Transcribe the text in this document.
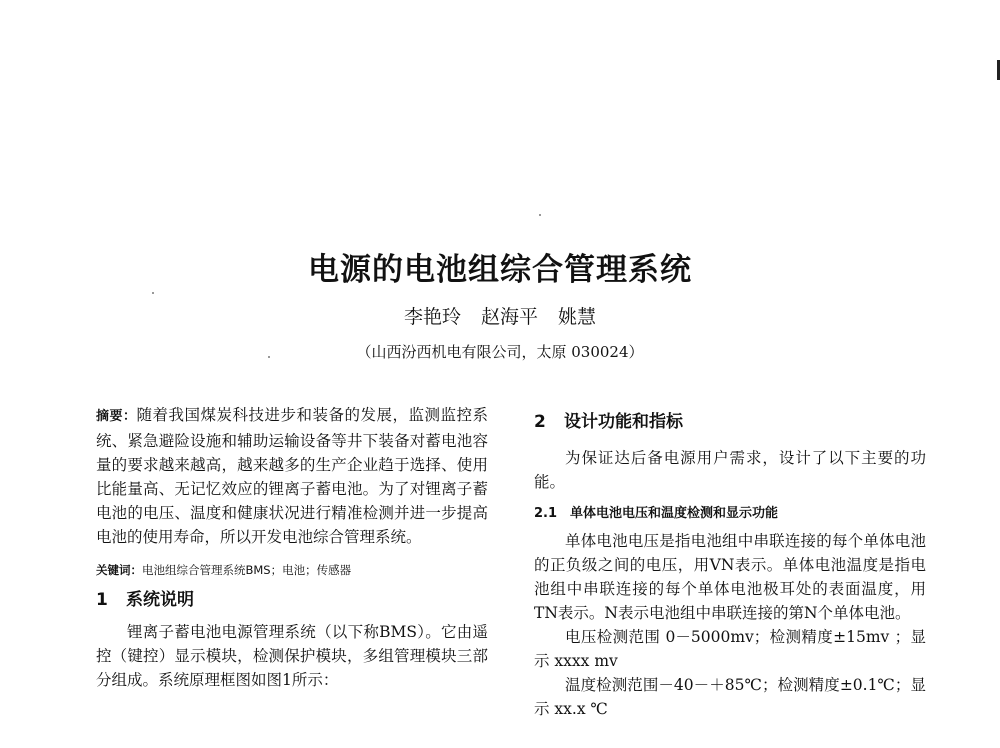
电源的电池组综合管理系统
李艳玲 赵海平 姚慧
（山西汾西机电有限公司，太原 030024）

摘要：随着我国煤炭科技进步和装备的发展，监测监控系统、紧急避险设施和辅助运输设备等井下装备对蓄电池容量的要求越来越高，越来越多的生产企业趋于选择、使用比能量高、无记忆效应的锂离子蓄电池。为了对锂离子蓄电池的电压、温度和健康状况进行精准检测并进一步提高电池的使用寿命，所以开发电池综合管理系统。

关键词：电池组综合管理系统BMS；电池；传感器

1 系统说明

锂离子蓄电池电源管理系统（以下称BMS）。它由遥控（键控）显示模块，检测保护模块，多组管理模块三部分组成。系统原理框图如图1所示：

2 设计功能和指标

为保证达后备电源用户需求，设计了以下主要的功能。

2.1 单体电池电压和温度检测和显示功能

单体电池电压是指电池组中串联连接的每个单体电池的正负级之间的电压，用VN表示。单体电池温度是指电池组中串联连接的每个单体电池极耳处的表面温度，用TN表示。N表示电池组中串联连接的第N个单体电池。

电压检测范围 0－5000mv；检测精度±15mv ；显示 xxxx mv

温度检测范围－40－＋85℃；检测精度±0.1℃；显示 xx.x ℃
